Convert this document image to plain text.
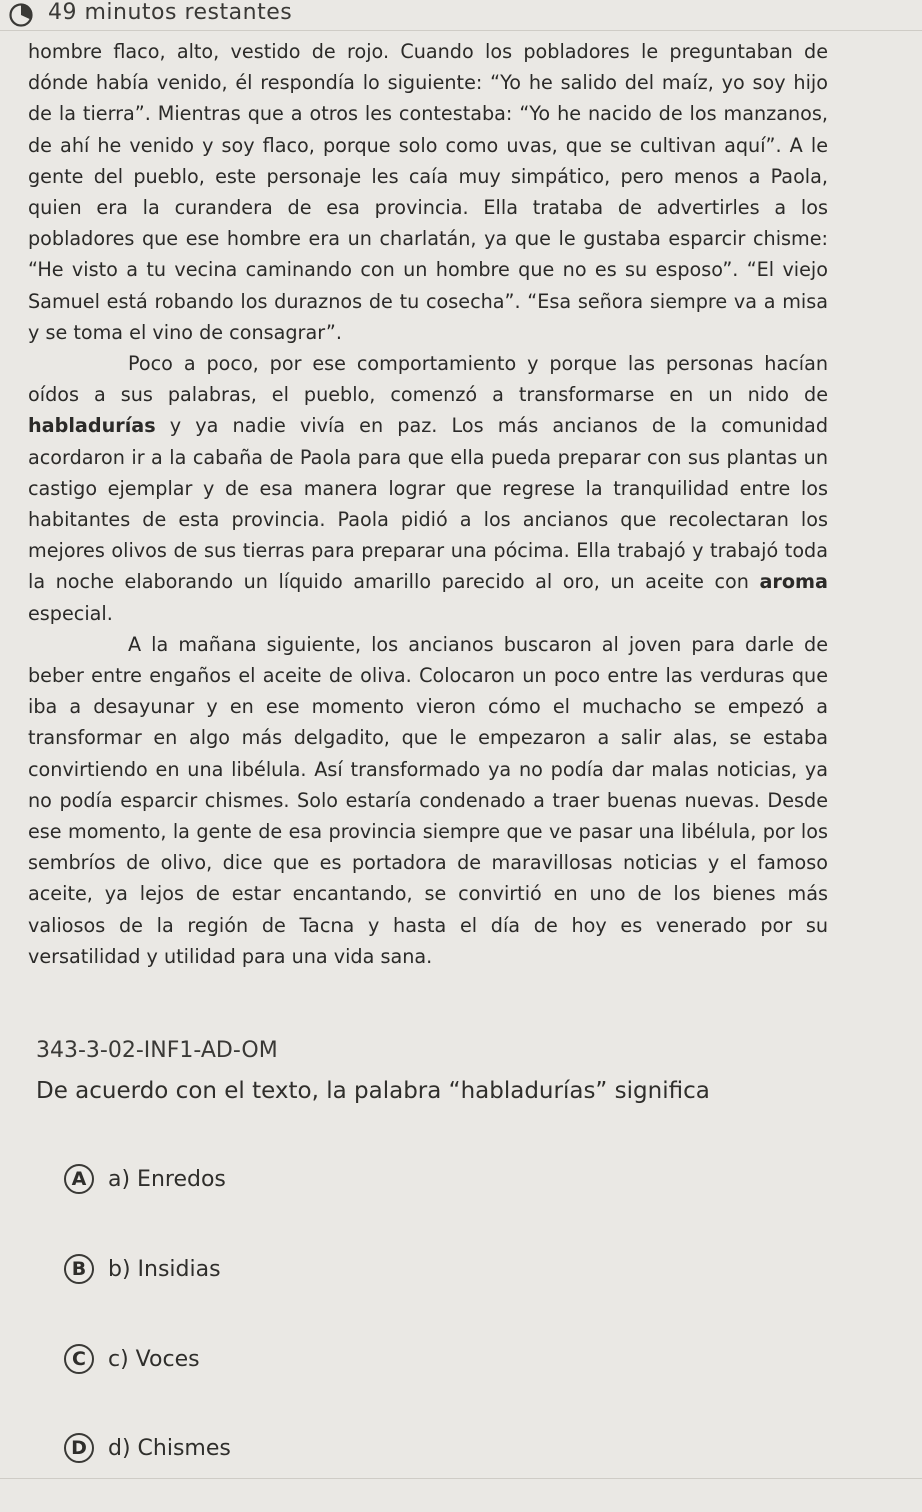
49 minutos restantes

hombre flaco, alto, vestido de rojo. Cuando los pobladores le preguntaban de dónde había venido, él respondía lo siguiente: “Yo he salido del maíz, yo soy hijo de la tierra”. Mientras que a otros les contestaba: “Yo he nacido de los manzanos, de ahí he venido y soy flaco, porque solo como uvas, que se cultivan aquí”. A le gente del pueblo, este personaje les caía muy simpático, pero menos a Paola, quien era la curandera de esa provincia. Ella trataba de advertirles a los pobladores que ese hombre era un charlatán, ya que le gustaba esparcir chisme: “He visto a tu vecina caminando con un hombre que no es su esposo”. “El viejo Samuel está robando los duraznos de tu cosecha”. “Esa señora siempre va a misa y se toma el vino de consagrar”.

Poco a poco, por ese comportamiento y porque las personas hacían oídos a sus palabras, el pueblo, comenzó a transformarse en un nido de habladurías y ya nadie vivía en paz. Los más ancianos de la comunidad acordaron ir a la cabaña de Paola para que ella pueda preparar con sus plantas un castigo ejemplar y de esa manera lograr que regrese la tranquilidad entre los habitantes de esta provincia. Paola pidió a los ancianos que recolectaran los mejores olivos de sus tierras para preparar una pócima. Ella trabajó y trabajó toda la noche elaborando un líquido amarillo parecido al oro, un aceite con aroma especial.

A la mañana siguiente, los ancianos buscaron al joven para darle de beber entre engaños el aceite de oliva. Colocaron un poco entre las verduras que iba a desayunar y en ese momento vieron cómo el muchacho se empezó a transformar en algo más delgadito, que le empezaron a salir alas, se estaba convirtiendo en una libélula. Así transformado ya no podía dar malas noticias, ya no podía esparcir chismes. Solo estaría condenado a traer buenas nuevas. Desde ese momento, la gente de esa provincia siempre que ve pasar una libélula, por los sembríos de olivo, dice que es portadora de maravillosas noticias y el famoso aceite, ya lejos de estar encantando, se convirtió en uno de los bienes más valiosos de la región de Tacna y hasta el día de hoy es venerado por su versatilidad y utilidad para una vida sana.

343-3-02-INF1-AD-OM
De acuerdo con el texto, la palabra “habladurías” significa
A a) Enredos
B b) Insidias
C	c) Voces
D d) Chismes
